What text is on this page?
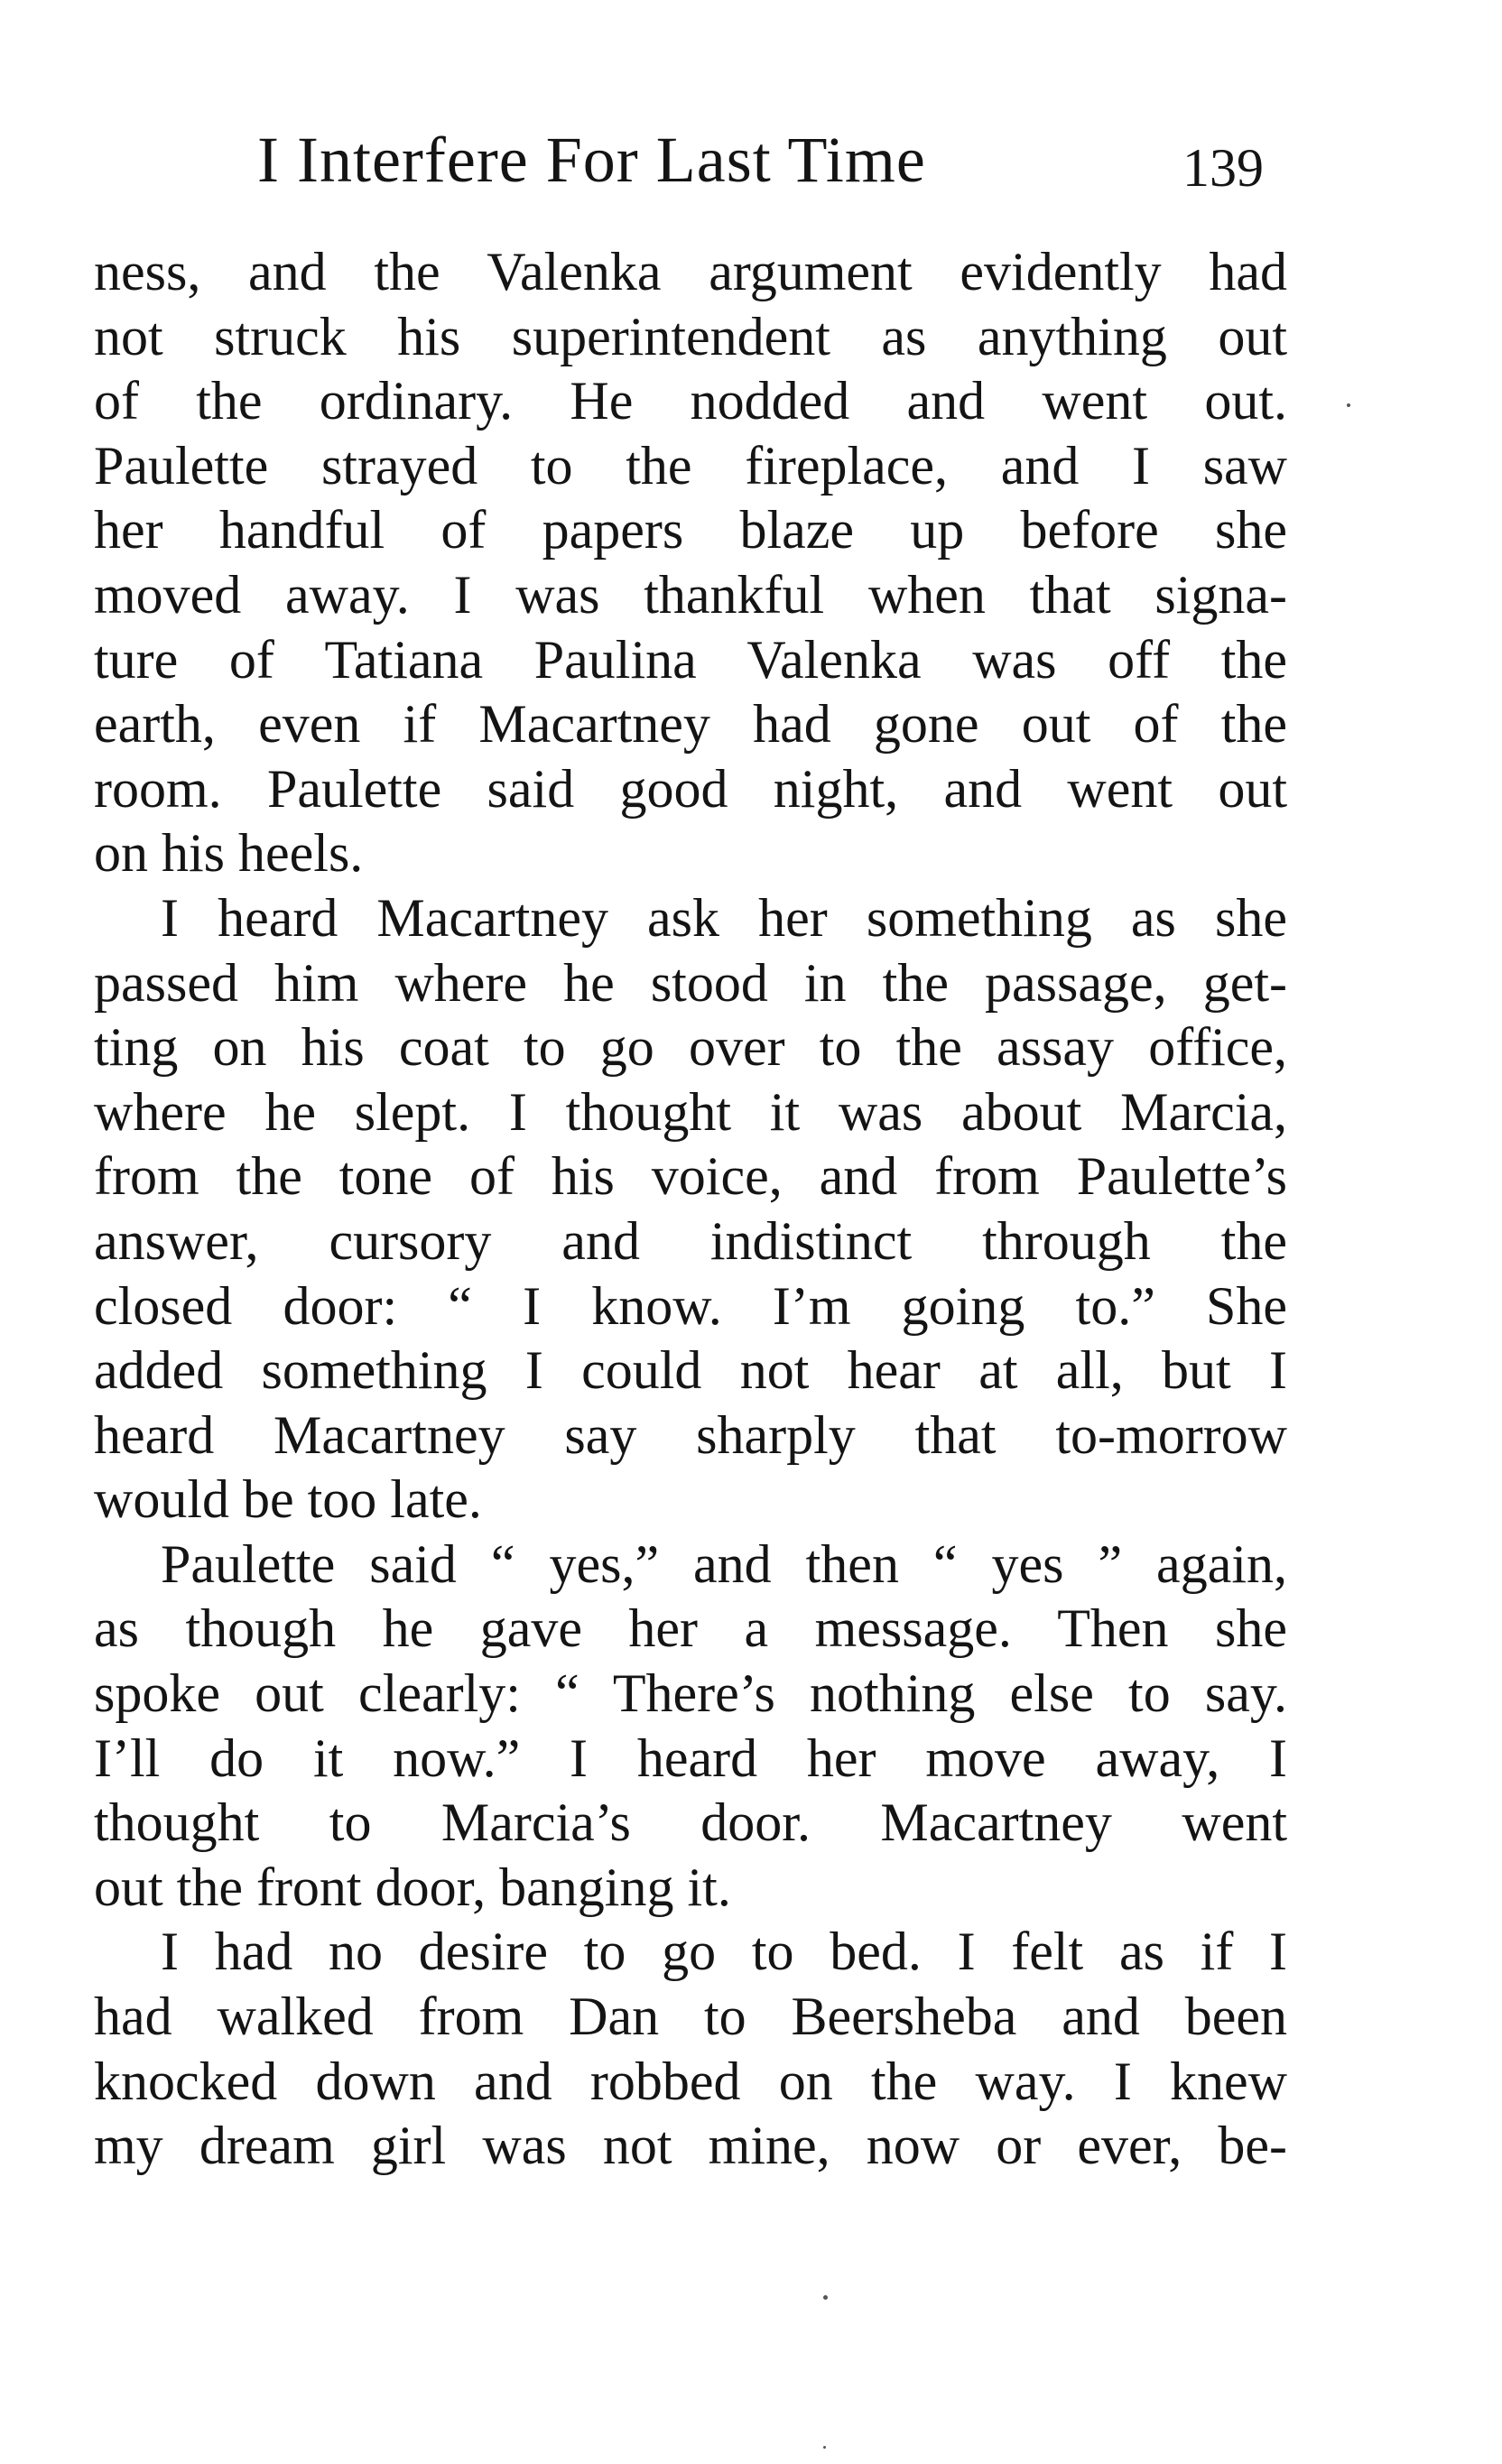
I Interfere For Last Time	139
ness, and the Valenka argument evidently had
not struck his superintendent as anything out
of the ordinary. He nodded and went out.
Paulette strayed to the fireplace, and I saw
her handful of papers blaze up before she
moved away. I was thankful when that signa-
ture of Tatiana Paulina Valenka was off the
earth, even if Macartney had gone out of the
room. Paulette said good night, and went out
on his heels.
I heard Macartney ask her something as she
passed him where he stood in the passage, get-
ting on his coat to go over to the assay office,
where he slept. I thought it was about Marcia,
from the tone of his voice, and from Paulette’s
answer, cursory and indistinct through the
closed door: “ I know. I’m going to.” She
added something I could not hear at all, but I
heard Macartney say sharply that to-morrow
would be too late.
Paulette said “ yes,” and then “ yes ” again,
as though he gave her a message. Then she
spoke out clearly: “ There’s nothing else to say.
I’ll do it now.” I heard her move away, I
thought to Marcia’s door. Macartney went
out the front door, banging it.
I had no desire to go to bed. I felt as if I
had walked from Dan to Beersheba and been
knocked down and robbed on the way. I knew
my dream girl was not mine, now or ever, be-
